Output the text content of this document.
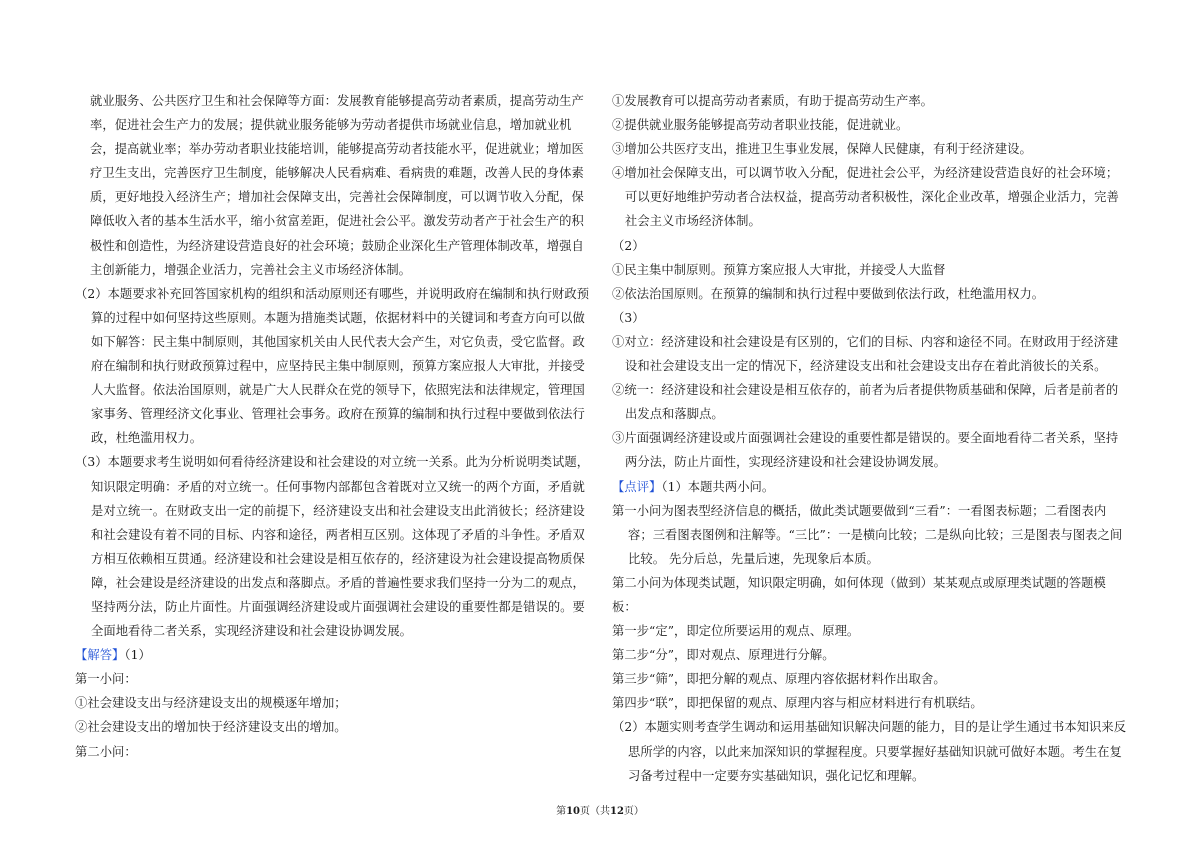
就业服务、公共医疗卫生和社会保障等方面：发展教育能够提高劳动者素质，提高劳动生产率，促进社会生产力的发展；提供就业服务能够为劳动者提供市场就业信息，增加就业机会，提高就业率；举办劳动者职业技能培训，能够提高劳动者技能水平，促进就业；增加医疗卫生支出，完善医疗卫生制度，能够解决人民看病难、看病贵的难题，改善人民的身体素质，更好地投入经济生产；增加社会保障支出，完善社会保障制度，可以调节收入分配，保障低收入者的基本生活水平，缩小贫富差距，促进社会公平。激发劳动者产于社会生产的积极性和创造性，为经济建设营造良好的社会环境；鼓励企业深化生产管理体制改革，增强自主创新能力，增强企业活力，完善社会主义市场经济体制。

（2）本题要求补充回答国家机构的组织和活动原则还有哪些，并说明政府在编制和执行财政预算的过程中如何坚持这些原则。本题为措施类试题，依据材料中的关键词和考查方向可以做如下解答：民主集中制原则，其他国家机关由人民代表大会产生，对它负责，受它监督。政府在编制和执行财政预算过程中，应坚持民主集中制原则，预算方案应报人大审批，并接受人大监督。依法治国原则，就是广大人民群众在党的领导下，依照宪法和法律规定，管理国家事务、管理经济文化事业、管理社会事务。政府在预算的编制和执行过程中要做到依法行政，杜绝滥用权力。

（3）本题要求考生说明如何看待经济建设和社会建设的对立统一关系。此为分析说明类试题，知识限定明确：矛盾的对立统一。任何事物内部都包含着既对立又统一的两个方面，矛盾就是对立统一。在财政支出一定的前提下，经济建设支出和社会建设支出此消彼长；经济建设和社会建设有着不同的目标、内容和途径，两者相互区别。这体现了矛盾的斗争性。矛盾双方相互依赖相互贯通。经济建设和社会建设是相互依存的，经济建设为社会建设提高物质保障，社会建设是经济建设的出发点和落脚点。矛盾的普遍性要求我们坚持一分为二的观点，坚持两分法，防止片面性。片面强调经济建设或片面强调社会建设的重要性都是错误的。要全面地看待二者关系，实现经济建设和社会建设协调发展。

【解答】（1）

第一小问：

①社会建设支出与经济建设支出的规模逐年增加；

②社会建设支出的增加快于经济建设支出的增加。

第二小问：

①发展教育可以提高劳动者素质，有助于提高劳动生产率。

②提供就业服务能够提高劳动者职业技能，促进就业。

③增加公共医疗支出，推进卫生事业发展，保障人民健康，有利于经济建设。

④增加社会保障支出，可以调节收入分配，促进社会公平，为经济建设营造良好的社会环境；可以更好地维护劳动者合法权益，提高劳动者积极性，深化企业改革，增强企业活力，完善社会主义市场经济体制。

（2）

①民主集中制原则。预算方案应报人大审批，并接受人大监督

②依法治国原则。在预算的编制和执行过程中要做到依法行政，杜绝滥用权力。

（3）

①对立：经济建设和社会建设是有区别的，它们的目标、内容和途径不同。在财政用于经济建设和社会建设支出一定的情况下，经济建设支出和社会建设支出存在着此消彼长的关系。

②统一：经济建设和社会建设是相互依存的，前者为后者提供物质基础和保障，后者是前者的出发点和落脚点。

③片面强调经济建设或片面强调社会建设的重要性都是错误的。要全面地看待二者关系，坚持两分法，防止片面性，实现经济建设和社会建设协调发展。

【点评】（1）本题共两小问。

第一小问为图表型经济信息的概括，做此类试题要做到“三看”：一看图表标题；二看图表内容；三看图表图例和注解等。“三比”：一是横向比较；二是纵向比较；三是图表与图表之间比较。 先分后总，先量后速，先现象后本质。

第二小问为体现类试题，知识限定明确，如何体现（做到）某某观点或原理类试题的答题模板：

第一步“定”，即定位所要运用的观点、原理。

第二步“分”，即对观点、原理进行分解。

第三步“筛”，即把分解的观点、原理内容依据材料作出取舍。

第四步“联”，即把保留的观点、原理内容与相应材料进行有机联结。

（2）本题实则考查学生调动和运用基础知识解决问题的能力，目的是让学生通过书本知识来反思所学的内容，以此来加深知识的掌握程度。只要掌握好基础知识就可做好本题。考生在复习备考过程中一定要夯实基础知识，强化记忆和理解。

第10页（共12页）
